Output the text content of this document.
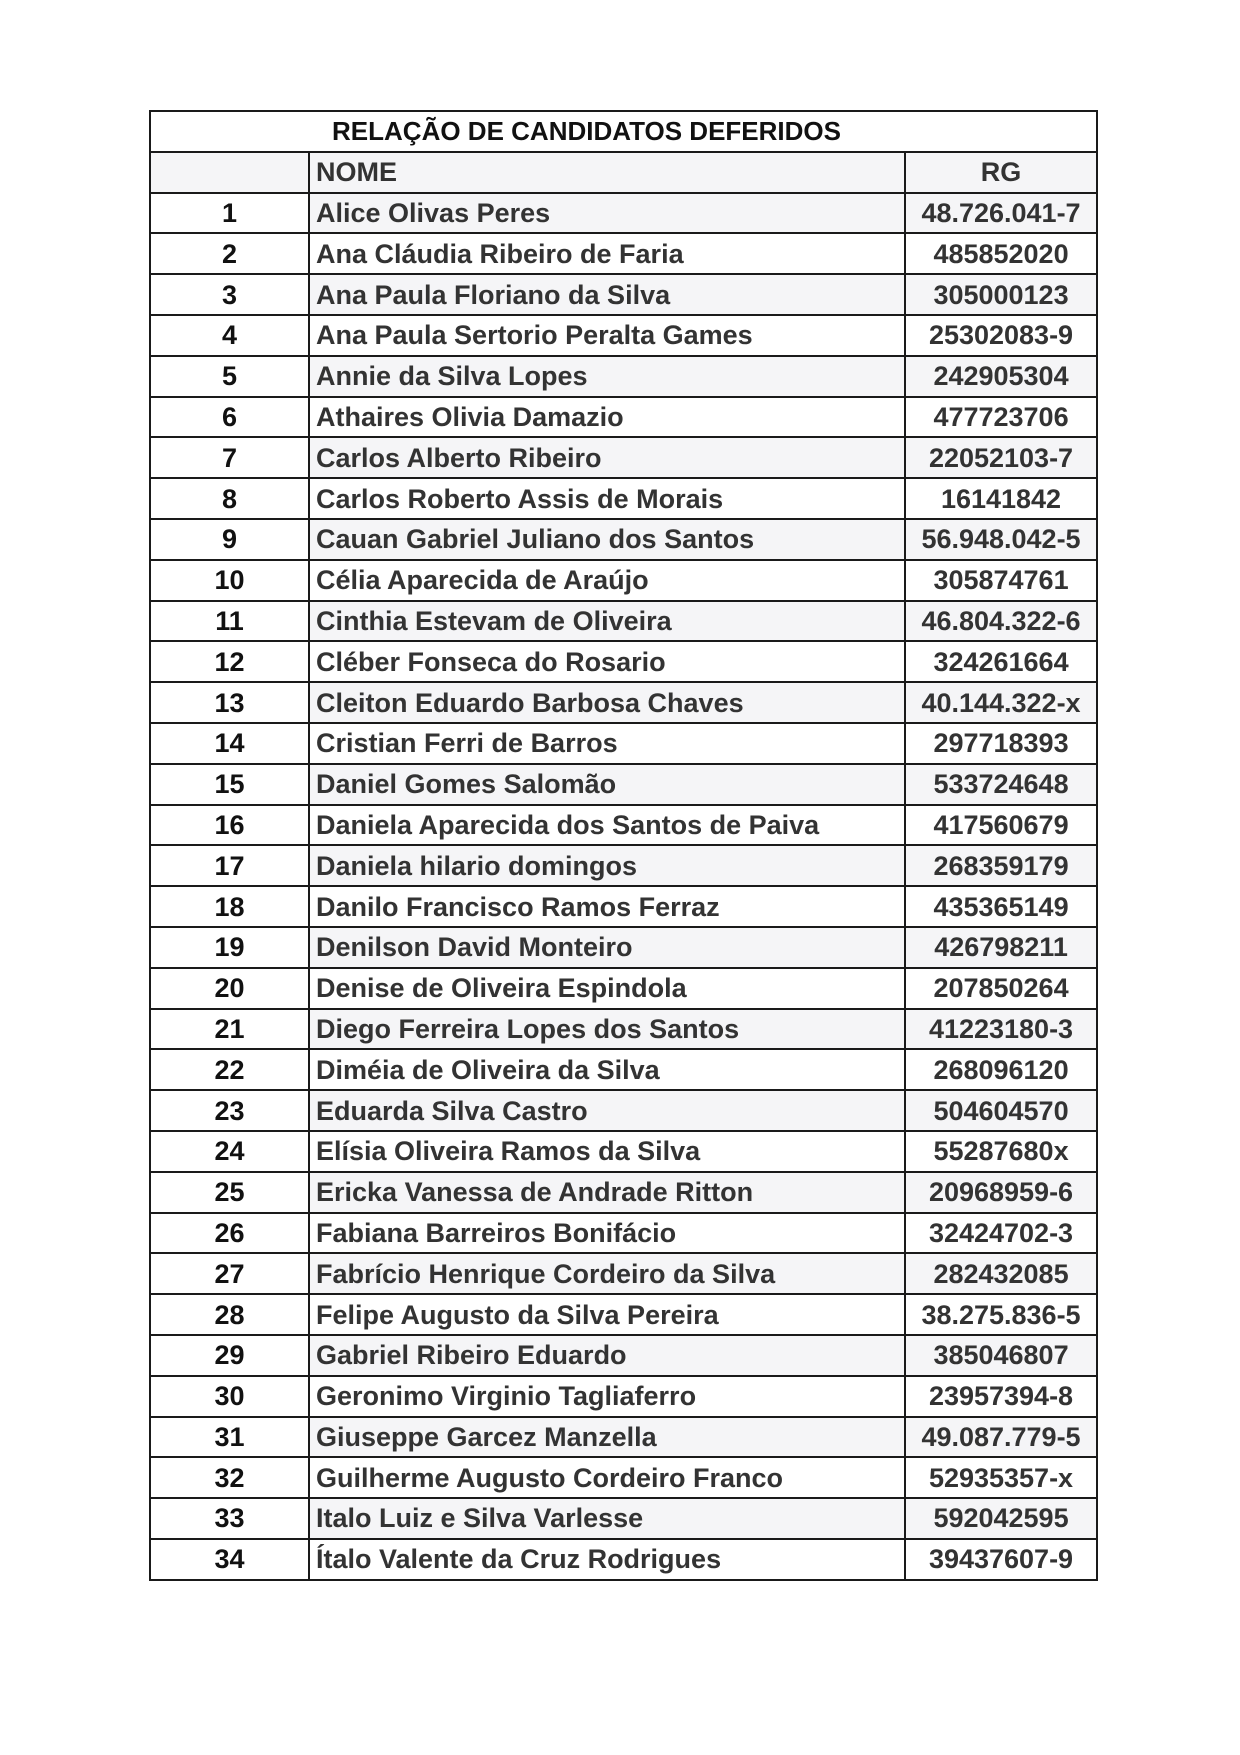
RELAÇÃO DE CANDIDATOS DEFERIDOS		
	NOME	RG
1	Alice Olivas Peres	48.726.041-7
2	Ana Cláudia Ribeiro de Faria	485852020
3	Ana Paula Floriano da Silva	305000123
4	Ana Paula Sertorio Peralta Games	25302083-9
5	Annie da Silva Lopes	242905304
6	Athaires Olivia Damazio	477723706
7	Carlos Alberto Ribeiro	22052103-7
8	Carlos Roberto Assis de Morais	16141842
9	Cauan Gabriel Juliano dos Santos	56.948.042-5
10	Célia Aparecida de Araújo	305874761
11	Cinthia Estevam de Oliveira	46.804.322-6
12	Cléber Fonseca do Rosario	324261664
13	Cleiton Eduardo Barbosa Chaves	40.144.322-x
14	Cristian Ferri de Barros	297718393
15	Daniel Gomes Salomão	533724648
16	Daniela Aparecida dos Santos de Paiva	417560679
17	Daniela hilario domingos	268359179
18	Danilo Francisco Ramos Ferraz	435365149
19	Denilson David Monteiro	426798211
20	Denise de Oliveira Espindola	207850264
21	Diego Ferreira Lopes dos Santos	41223180-3
22	Diméia de Oliveira da Silva	268096120
23	Eduarda Silva Castro	504604570
24	Elísia Oliveira Ramos da Silva	55287680x
25	Ericka Vanessa de Andrade Ritton	20968959-6
26	Fabiana Barreiros Bonifácio	32424702-3
27	Fabrício Henrique Cordeiro da Silva	282432085
28	Felipe Augusto da Silva Pereira	38.275.836-5
29	Gabriel Ribeiro Eduardo	385046807
30	Geronimo Virginio Tagliaferro	23957394-8
31	Giuseppe Garcez Manzella	49.087.779-5
32	Guilherme Augusto Cordeiro Franco	52935357-x
33	Italo Luiz e Silva Varlesse	592042595
34	Ítalo Valente da Cruz Rodrigues	39437607-9
